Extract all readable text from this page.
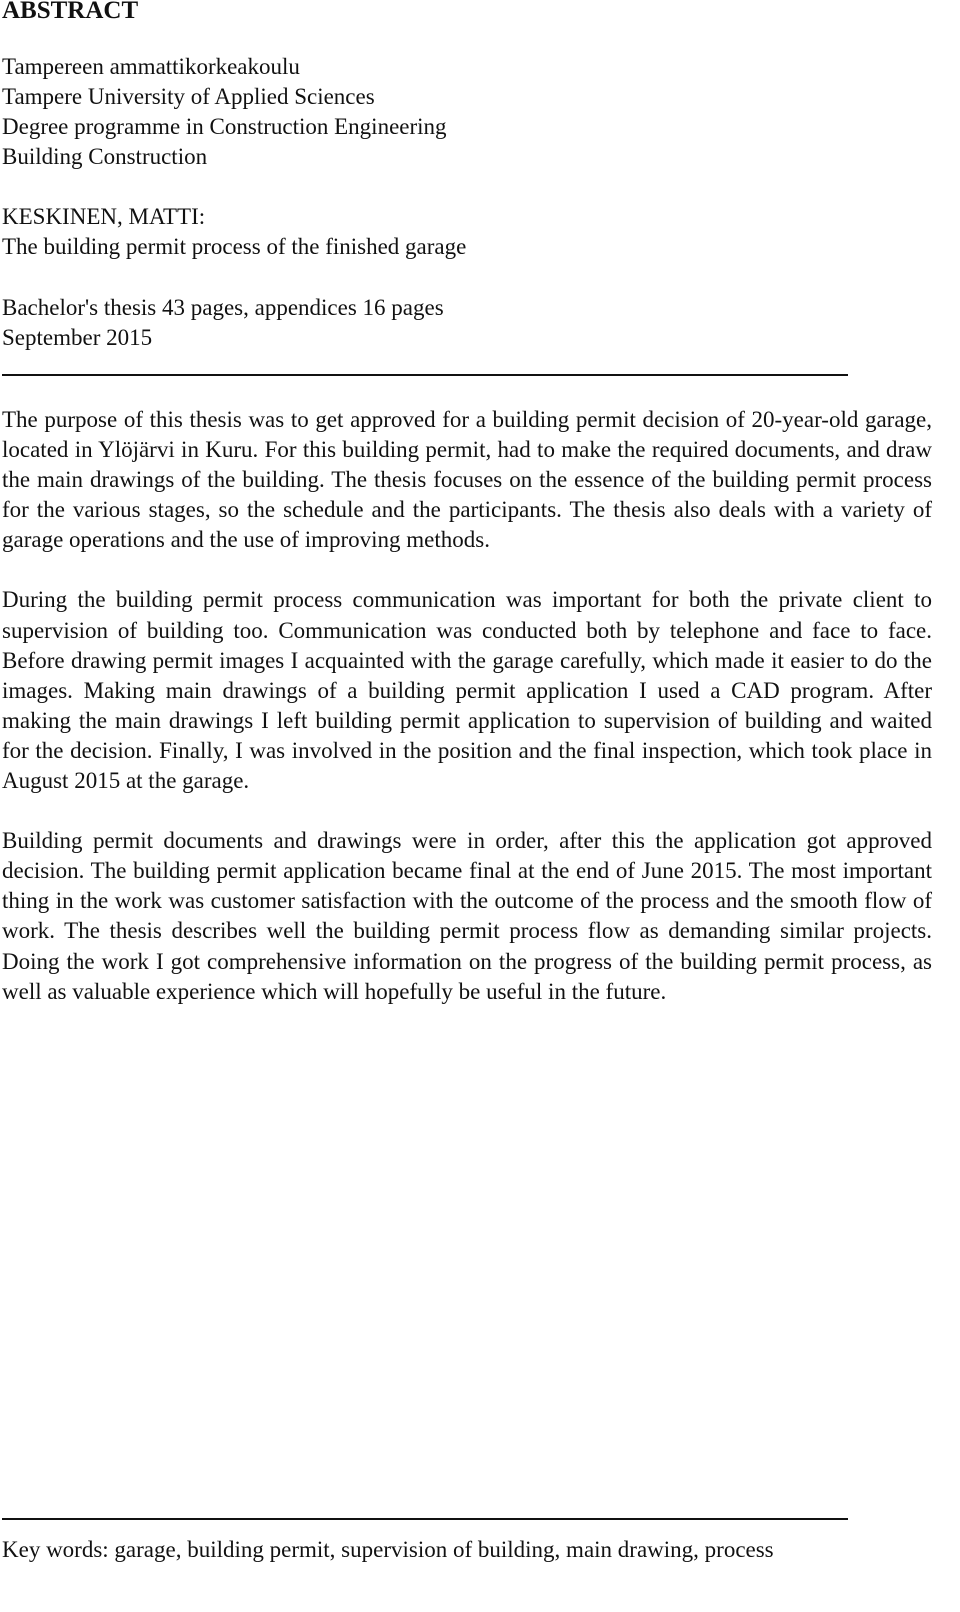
ABSTRACT
Tampereen ammattikorkeakoulu
Tampere University of Applied Sciences
Degree programme in Construction Engineering
Building Construction
KESKINEN, MATTI:
The building permit process of the finished garage
Bachelor's thesis 43 pages, appendices 16 pages
September 2015

The purpose of this thesis was to get approved for a building permit decision of 20-year-old garage, located in Ylöjärvi in Kuru. For this building permit, had to make the required documents, and draw the main drawings of the building. The thesis focuses on the essence of the building permit process for the various stages, so the schedule and the participants. The thesis also deals with a variety of garage operations and the use of improving methods.

During the building permit process communication was important for both the private client to supervision of building too. Communication was conducted both by telephone and face to face. Before drawing permit images I acquainted with the garage carefully, which made it easier to do the images. Making main drawings of a building permit application I used a CAD program. After making the main drawings I left building permit application to supervision of building and waited for the decision. Finally, I was involved in the position and the final inspection, which took place in August 2015 at the garage.

Building permit documents and drawings were in order, after this the application got approved decision. The building permit application became final at the end of June 2015. The most important thing in the work was customer satisfaction with the outcome of the process and the smooth flow of work. The thesis describes well the building permit process flow as demanding similar projects. Doing the work I got comprehensive information on the progress of the building permit process, as well as valuable experience which will hopefully be useful in the future.

Key words: garage, building permit, supervision of building, main drawing, process
